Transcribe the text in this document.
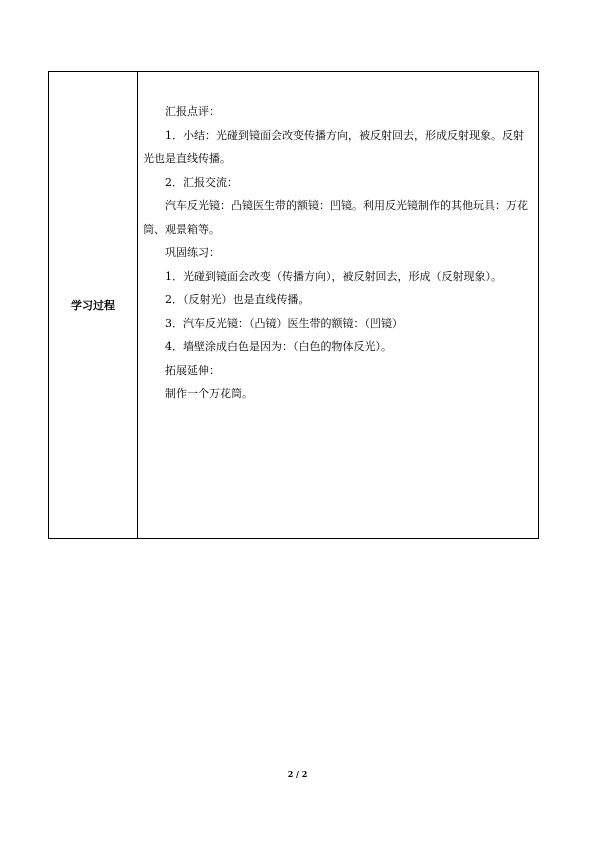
学习过程

汇报点评：

1．小结：光碰到镜面会改变传播方向，被反射回去，形成反射现象。反射光也是直线传播。

2．汇报交流：

汽车反光镜：凸镜医生带的额镜：凹镜。利用反光镜制作的其他玩具：万花筒、观景箱等。

巩固练习：

1．光碰到镜面会改变（传播方向），被反射回去，形成（反射现象）。

2．（反射光）也是直线传播。

3．汽车反光镜：（凸镜）医生带的额镜：（凹镜）

4．墙壁涂成白色是因为：（白色的物体反光）。

拓展延伸：

制作一个万花筒。

2 / 2
